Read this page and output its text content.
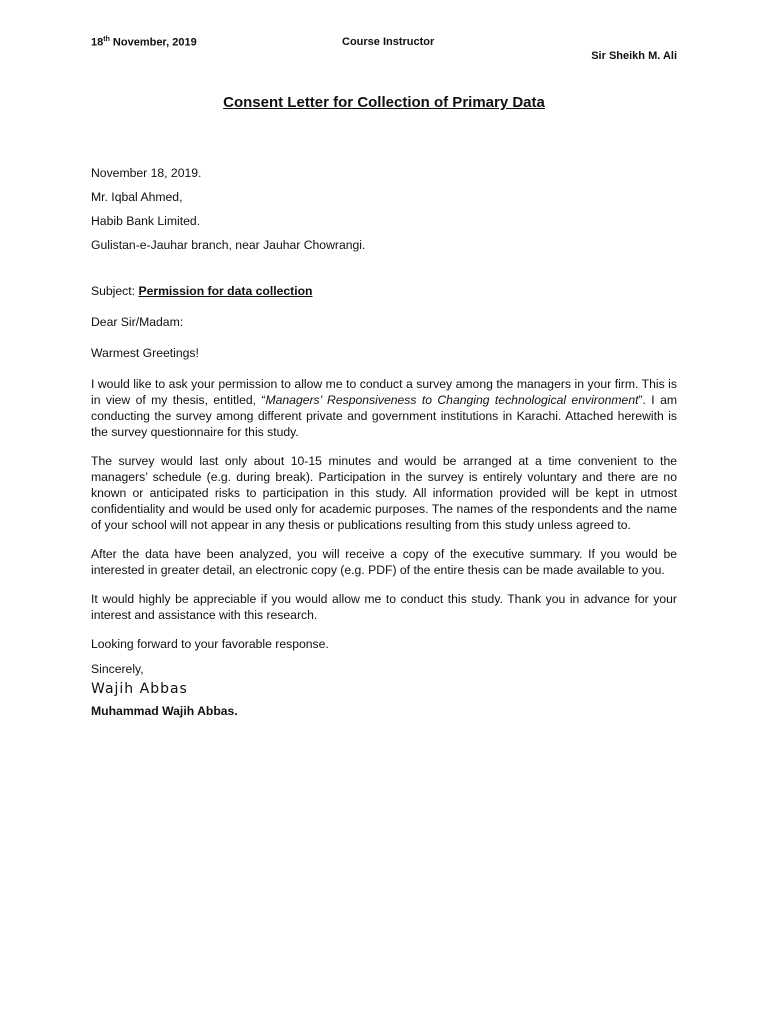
18th November, 2019	Course Instructor
Sir Sheikh M. Ali
Consent Letter for Collection of Primary Data

November 18, 2019.

Mr. Iqbal Ahmed,

Habib Bank Limited.

Gulistan-e-Jauhar branch, near Jauhar Chowrangi.

Subject: Permission for data collection

Dear Sir/Madam:

Warmest Greetings!

I would like to ask your permission to allow me to conduct a survey among the managers in your firm. This is in view of my thesis, entitled, “Managers’ Responsiveness to Changing technological environment”. I am conducting the survey among different private and government institutions in Karachi. Attached herewith is the survey questionnaire for this study.

The survey would last only about 10-15 minutes and would be arranged at a time convenient to the managers’ schedule (e.g. during break). Participation in the survey is entirely voluntary and there are no known or anticipated risks to participation in this study. All information provided will be kept in utmost confidentiality and would be used only for academic purposes. The names of the respondents and the name of your school will not appear in any thesis or publications resulting from this study unless agreed to.

After the data have been analyzed, you will receive a copy of the executive summary. If you would be interested in greater detail, an electronic copy (e.g. PDF) of the entire thesis can be made available to you.

It would highly be appreciable if you would allow me to conduct this study. Thank you in advance for your interest and assistance with this research.

Looking forward to your favorable response.

Sincerely,

Wajih Abbas

Muhammad Wajih Abbas.
